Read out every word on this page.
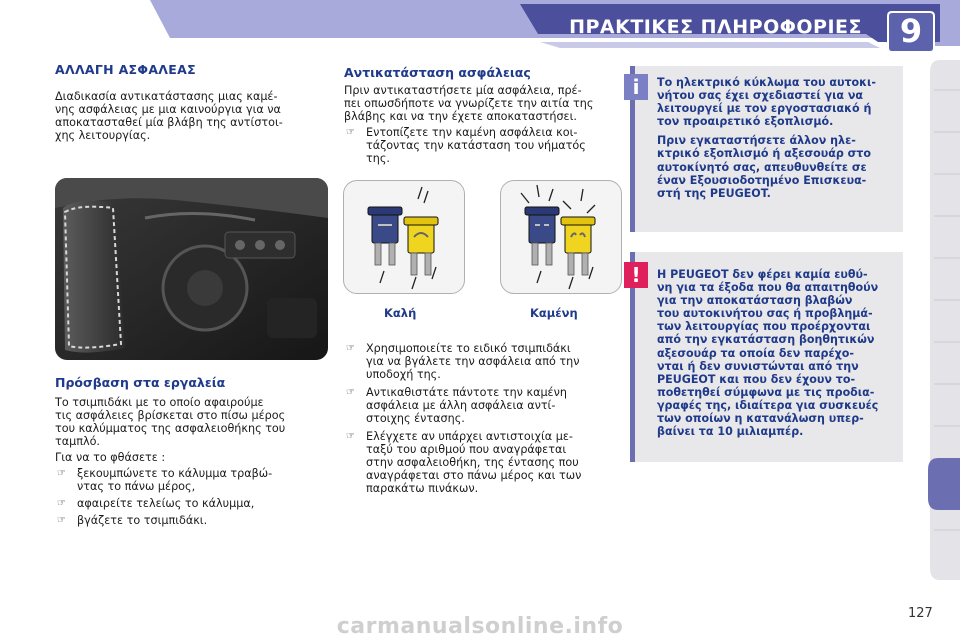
ΠΡΑΚΤΙΚΕΣ ΠΛΗΡΟΦΟΡΙΕΣ	9
ΑΛΛΑΓΗ ΑΣΦΑΛΕΑΣ

Διαδικασία αντικατάστασης μιας καμέ-

νης ασφάλειας με μια καινούργια για να

αποκατασταθεί μία βλάβη της αντίστοι-

χης λειτουργίας.

Πρόσβαση στα εργαλεία

Το τσιμπιδάκι με το οποίο αφαιρούμε

τις ασφάλειες βρίσκεται στο πίσω μέρος

του καλύμματος της ασφαλειοθήκης του

ταμπλό.

Για να το φθάσετε :

☞ ξεκουμπώνετε το κάλυμμα τραβώ-
ντας το πάνω μέρος,
☞ αφαιρείτε τελείως το κάλυμμα,
☞ βγάζετε το τσιμπιδάκι.
Αντικατάσταση ασφάλειας

Πριν αντικαταστήσετε μία ασφάλεια, πρέ-

πει οπωσδήποτε να γνωρίζετε την αιτία της

βλάβης και να την έχετε αποκαταστήσει.

☞ Εντοπίζετε την καμένη ασφάλεια κοι-
τάζοντας την κατάσταση του νήματός
της.
Καλή	Καμένη
☞ Χρησιμοποιείτε το ειδικό τσιμπιδάκι
για να βγάλετε την ασφάλεια από την
υποδοχή της.
☞ Αντικαθιστάτε πάντοτε την καμένη
ασφάλεια με άλλη ασφάλεια αντί-
στοιχης έντασης.
☞ Ελέγχετε αν υπάρχει αντιστοιχία με-
ταξύ του αριθμού που αναγράφεται
στην ασφαλειοθήκη, της έντασης που
αναγράφεται στο πάνω μέρος και των
παρακάτω πινάκων.

Το ηλεκτρικό κύκλωμα του αυτοκι-

νήτου σας έχει σχεδιαστεί για να

λειτουργεί με τον εργοστασιακό ή

τον προαιρετικό εξοπλισμό.

Πριν εγκαταστήσετε άλλον ηλε-

κτρικό εξοπλισμό ή αξεσουάρ στο

αυτοκίνητό σας, απευθυνθείτε σε

έναν Εξουσιοδοτημένο Επισκευα-

στή της PEUGEOT.

i

Η PEUGEOT δεν φέρει καμία ευθύ-

νη για τα έξοδα που θα απαιτηθούν

για την αποκατάσταση βλαβών

του αυτοκινήτου σας ή προβλημά-

των λειτουργίας που προέρχονται

από την εγκατάσταση βοηθητικών

αξεσουάρ τα οποία δεν παρέχο-

νται ή δεν συνιστώνται από την

PEUGEOT και που δεν έχουν το-

ποθετηθεί σύμφωνα με τις προδια-

γραφές της, ιδιαίτερα για συσκευές

των οποίων η κατανάλωση υπερ-

βαίνει τα 10 μιλιαμπέρ.

!
127
carmanualsonline.info
